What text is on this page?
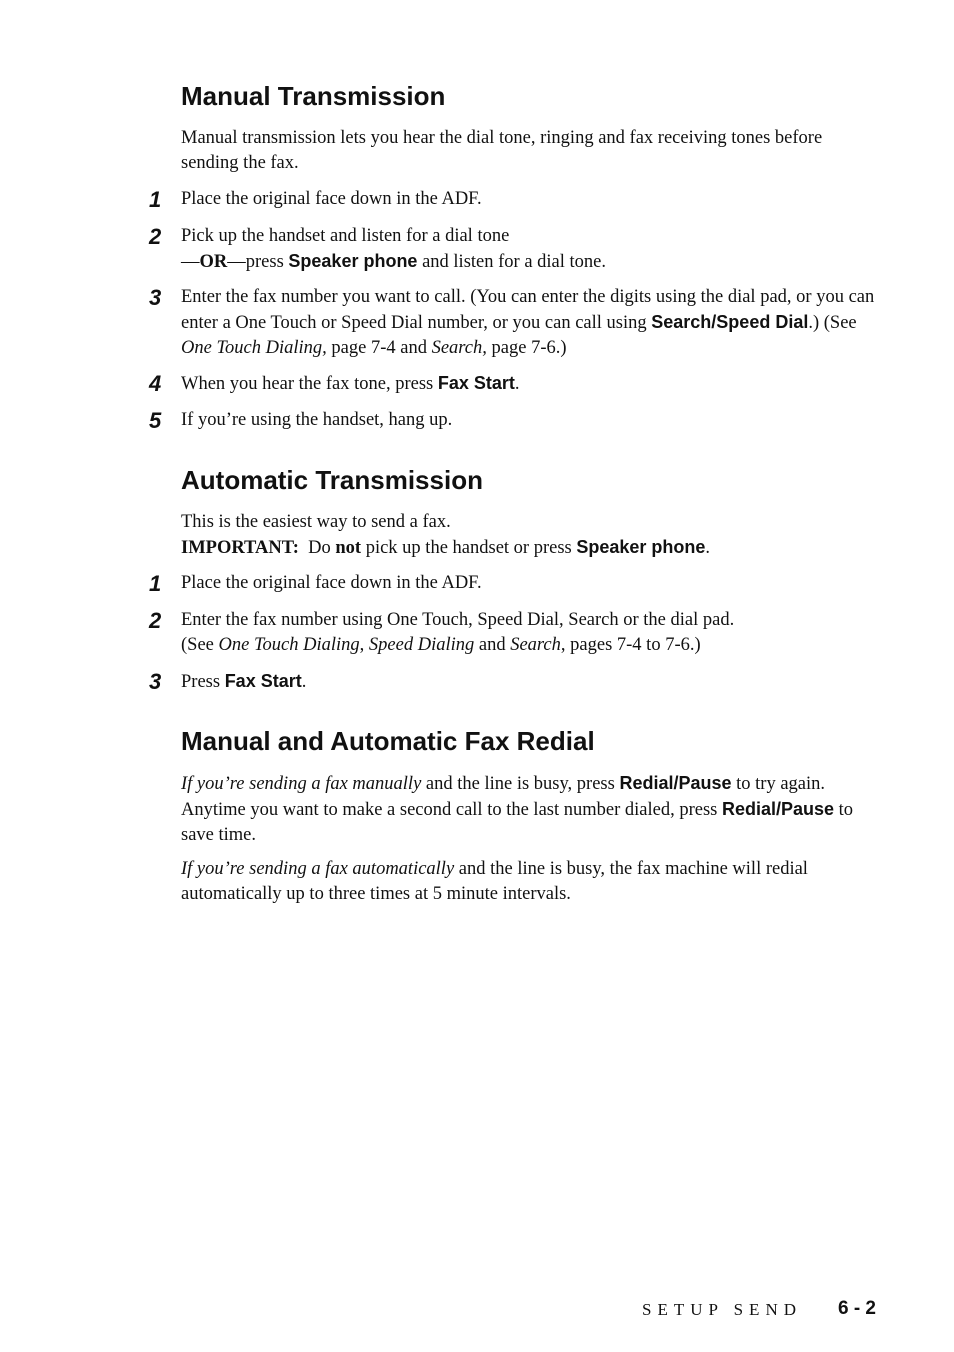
Manual Transmission

Manual transmission lets you hear the dial tone, ringing and fax receiving tones before sending the fax.

1 Place the original face down in the ADF.

2 Pick up the handset and listen for a dial tone
—OR—press Speaker phone and listen for a dial tone.

3 Enter the fax number you want to call. (You can enter the digits using the dial pad, or you can enter a One Touch or Speed Dial number, or you can call using Search/Speed Dial.) (See One Touch Dialing, page 7-4 and Search, page 7-6.)

4 When you hear the fax tone, press Fax Start.

5 If you’re using the handset, hang up.

Automatic Transmission

This is the easiest way to send a fax.
IMPORTANT:  Do not pick up the handset or press Speaker phone.

1 Place the original face down in the ADF.

2 Enter the fax number using One Touch, Speed Dial, Search or the dial pad.
(See One Touch Dialing, Speed Dialing and Search, pages 7-4 to 7-6.)

3 Press Fax Start.

Manual and Automatic Fax Redial

If you’re sending a fax manually and the line is busy, press Redial/Pause to try again. Anytime you want to make a second call to the last number dialed, press Redial/Pause to save time.

If you’re sending a fax automatically and the line is busy, the fax machine will redial automatically up to three times at 5 minute intervals.

SETUP SEND 6 - 2
